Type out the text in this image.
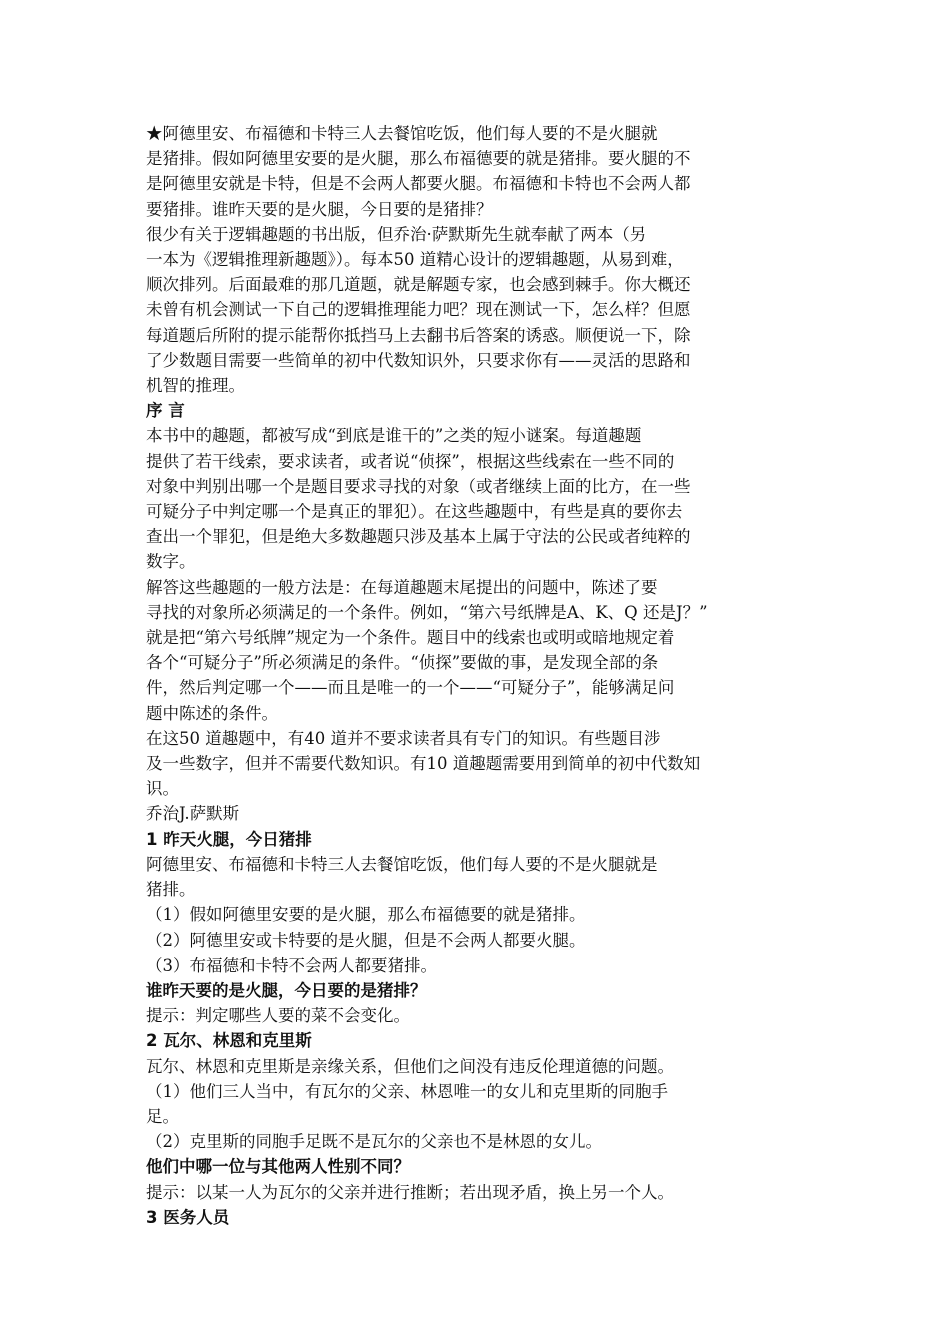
★阿德里安、布福德和卡特三人去餐馆吃饭，他们每人要的不是火腿就
是猪排。假如阿德里安要的是火腿，那么布福德要的就是猪排。要火腿的不
是阿德里安就是卡特，但是不会两人都要火腿。布福德和卡特也不会两人都
要猪排。谁昨天要的是火腿，今日要的是猪排？
很少有关于逻辑趣题的书出版，但乔治·萨默斯先生就奉献了两本（另
一本为《逻辑推理新趣题》）。每本50 道精心设计的逻辑趣题，从易到难，
顺次排列。后面最难的那几道题，就是解题专家，也会感到棘手。你大概还
未曾有机会测试一下自己的逻辑推理能力吧？现在测试一下，怎么样？但愿
每道题后所附的提示能帮你抵挡马上去翻书后答案的诱惑。顺便说一下，除
了少数题目需要一些简单的初中代数知识外，只要求你有——灵活的思路和
机智的推理。
序 言
本书中的趣题，都被写成“到底是谁干的”之类的短小谜案。每道趣题
提供了若干线索，要求读者，或者说“侦探”，根据这些线索在一些不同的
对象中判别出哪一个是题目要求寻找的对象（或者继续上面的比方，在一些
可疑分子中判定哪一个是真正的罪犯）。在这些趣题中，有些是真的要你去
查出一个罪犯，但是绝大多数趣题只涉及基本上属于守法的公民或者纯粹的
数字。
解答这些趣题的一般方法是：在每道趣题末尾提出的问题中，陈述了要
寻找的对象所必须满足的一个条件。例如，“第六号纸牌是A、K、Q 还是J？”
就是把“第六号纸牌”规定为一个条件。题目中的线索也或明或暗地规定着
各个“可疑分子”所必须满足的条件。“侦探”要做的事，是发现全部的条
件，然后判定哪一个——而且是唯一的一个——“可疑分子”，能够满足问
题中陈述的条件。
在这50 道趣题中，有40 道并不要求读者具有专门的知识。有些题目涉
及一些数字，但并不需要代数知识。有10 道趣题需要用到简单的初中代数知
识。
乔治J.萨默斯
1 昨天火腿，今日猪排
阿德里安、布福德和卡特三人去餐馆吃饭，他们每人要的不是火腿就是
猪排。
（1）假如阿德里安要的是火腿，那么布福德要的就是猪排。
（2）阿德里安或卡特要的是火腿，但是不会两人都要火腿。
（3）布福德和卡特不会两人都要猪排。
谁昨天要的是火腿，今日要的是猪排？
提示：判定哪些人要的菜不会变化。
2 瓦尔、林恩和克里斯
瓦尔、林恩和克里斯是亲缘关系，但他们之间没有违反伦理道德的问题。
（1）他们三人当中，有瓦尔的父亲、林恩唯一的女儿和克里斯的同胞手
足。
（2）克里斯的同胞手足既不是瓦尔的父亲也不是林恩的女儿。
他们中哪一位与其他两人性别不同？
提示：以某一人为瓦尔的父亲并进行推断；若出现矛盾，换上另一个人。
3 医务人员
